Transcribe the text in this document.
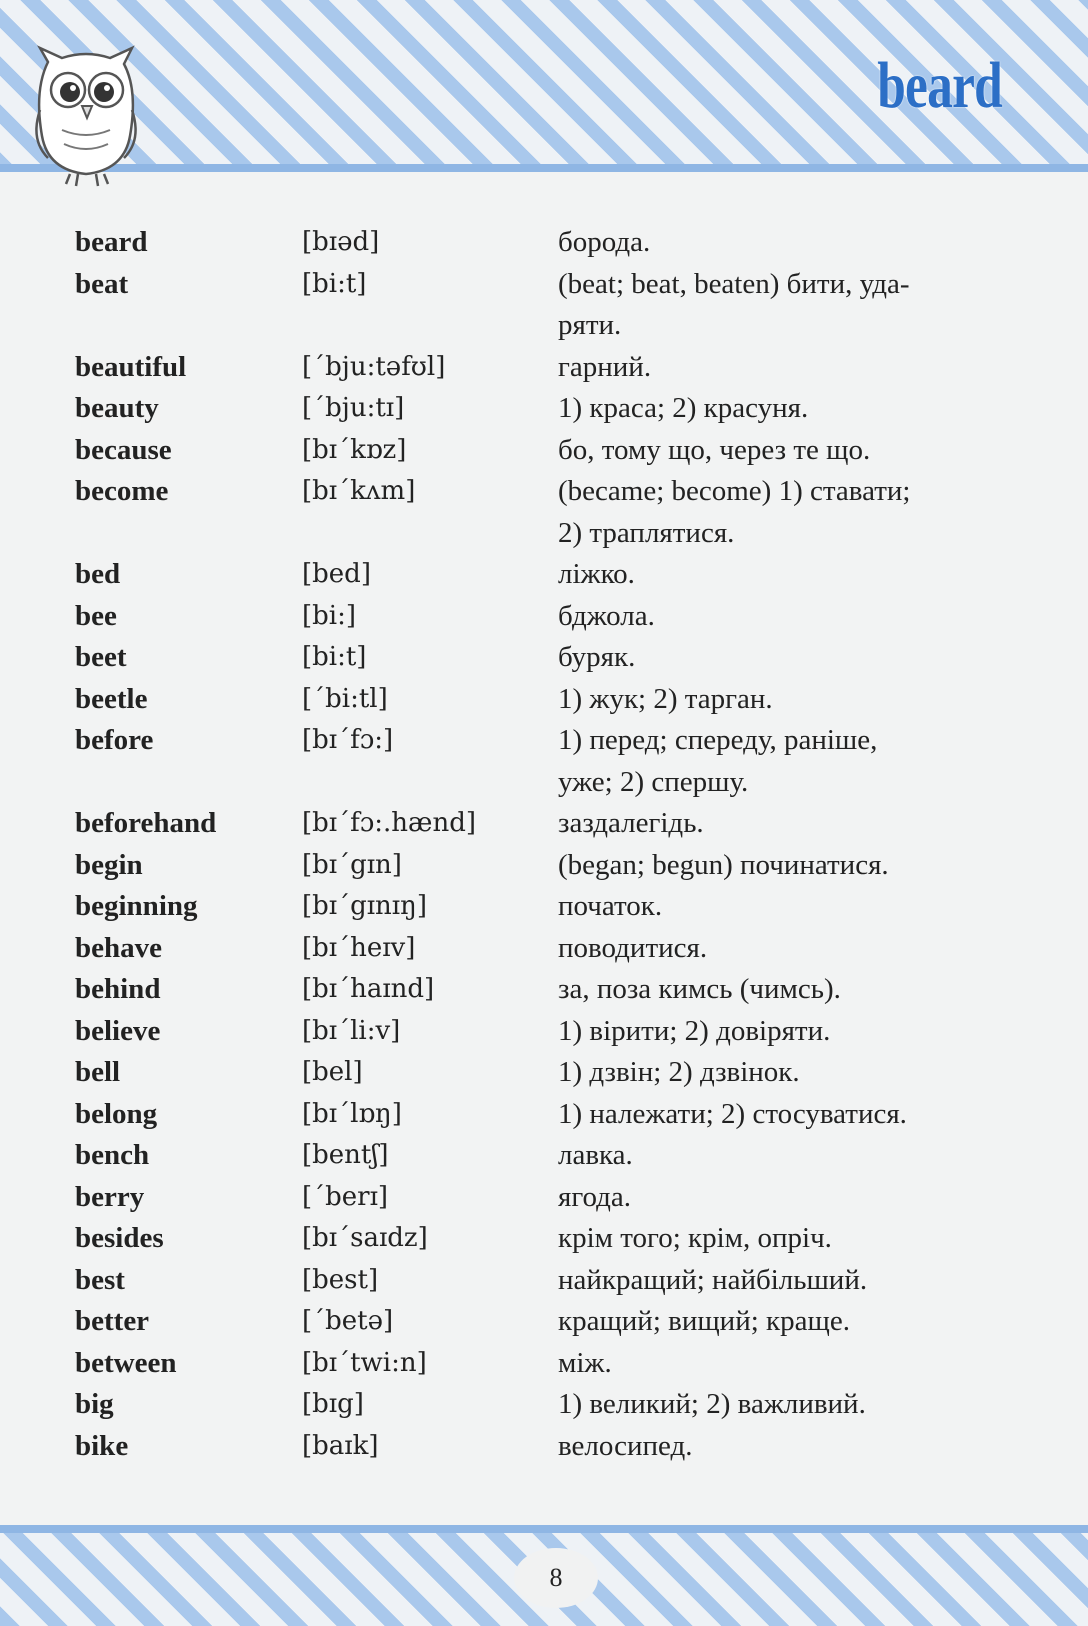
beard
beard	[bɪəd]	борода.
beat	[bi:t]	(beat; beat, beaten) бити, уда-
ряти.
beautiful	[ˊbju:təfʊl]	гарний.
beauty	[ˊbju:tɪ]	1) краса; 2) красуня.
because	[bɪˊkɒz]	бо, тому що, через те що.
become	[bɪˊkʌm]	(became; become) 1) ставати;
2) траплятися.
bed	[bed]	ліжко.
bee	[bi:]	бджола.
beet	[bi:t]	буряк.
beetle	[ˊbi:tl]	1) жук; 2) тарган.
before	[bɪˊfɔ:]	1) перед; спереду, раніше,
уже; 2) спершу.
beforehand	[bɪˊfɔ:.hænd]	заздалегідь.
begin	[bɪˊgɪn]	(began; begun) починатися.
beginning	[bɪˊgɪnɪŋ]	початок.
behave	[bɪˊheɪv]	поводитися.
behind	[bɪˊhaɪnd]	за, поза кимсь (чимсь).
believe	[bɪˊli:v]	1) вірити; 2) довіряти.
bell	[bel]	1) дзвін; 2) дзвінок.
belong	[bɪˊlɒŋ]	1) належати; 2) стосуватися.
bench	[bentʃ]	лавка.
berry	[ˊberɪ]	ягода.
besides	[bɪˊsaɪdz]	крім того; крім, опріч.
best	[best]	найкращий; найбільший.
better	[ˊbetə]	кращий; вищий; краще.
between	[bɪˊtwi:n]	між.
big	[bɪg]	1) великий; 2) важливий.
bike	[baɪk]	велосипед.
8
